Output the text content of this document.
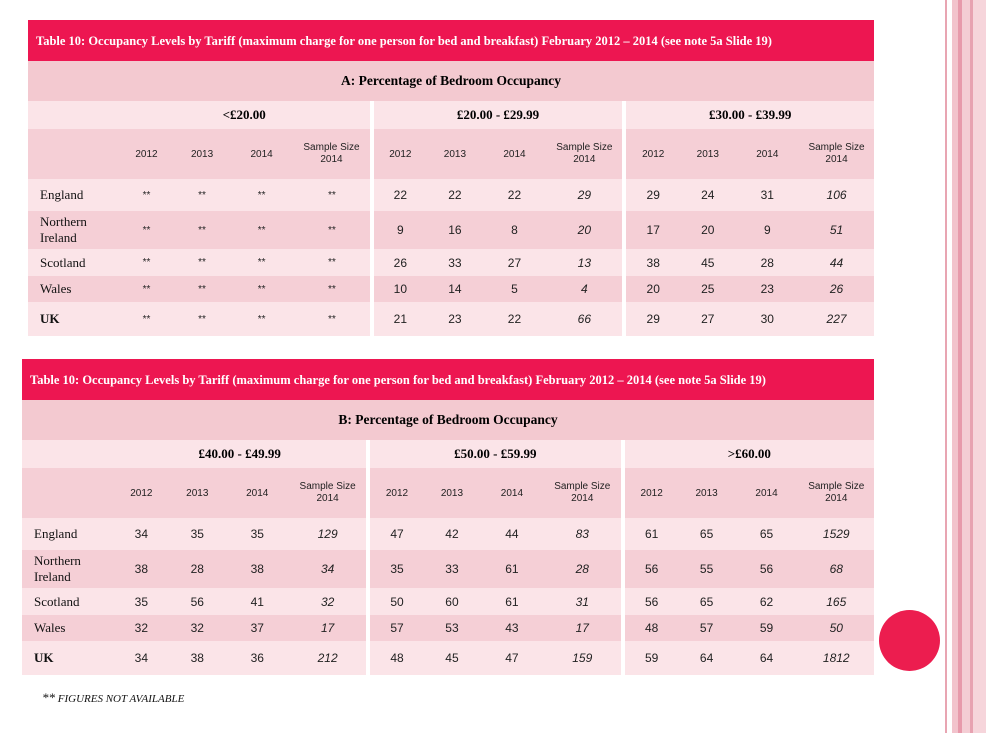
Table 10: Occupancy Levels by Tariff (maximum charge for one person for bed and breakfast) February 2012 – 2014 (see note 5a Slide 19)												
A: Percentage of Bedroom Occupancy												
	<£20.00				£20.00 - £29.99				£30.00 - £39.99			
	2012	2013	2014	Sample Size 2014	2012	2013	2014	Sample Size 2014	2012	2013	2014	Sample Size 2014
England	**	**	**	**	22	22	22	29	29	24	31	106
Northern Ireland	**	**	**	**	9	16	8	20	17	20	9	51
Scotland	**	**	**	**	26	33	27	13	38	45	28	44
Wales	**	**	**	**	10	14	5	4	20	25	23	26
UK	**	**	**	**	21	23	22	66	29	27	30	227
Table 10: Occupancy Levels by Tariff (maximum charge for one person for bed and breakfast) February 2012 – 2014 (see note 5a Slide 19)												
B: Percentage of Bedroom Occupancy												
	£40.00 - £49.99				£50.00 - £59.99				>£60.00			
	2012	2013	2014	Sample Size 2014	2012	2013	2014	Sample Size 2014	2012	2013	2014	Sample Size 2014
England	34	35	35	129	47	42	44	83	61	65	65	1529
Northern Ireland	38	28	38	34	35	33	61	28	56	55	56	68
Scotland	35	56	41	32	50	60	61	31	56	65	62	165
Wales	32	32	37	17	57	53	43	17	48	57	59	50
UK	34	38	36	212	48	45	47	159	59	64	64	1812
** FIGURES NOT AVAILABLE
